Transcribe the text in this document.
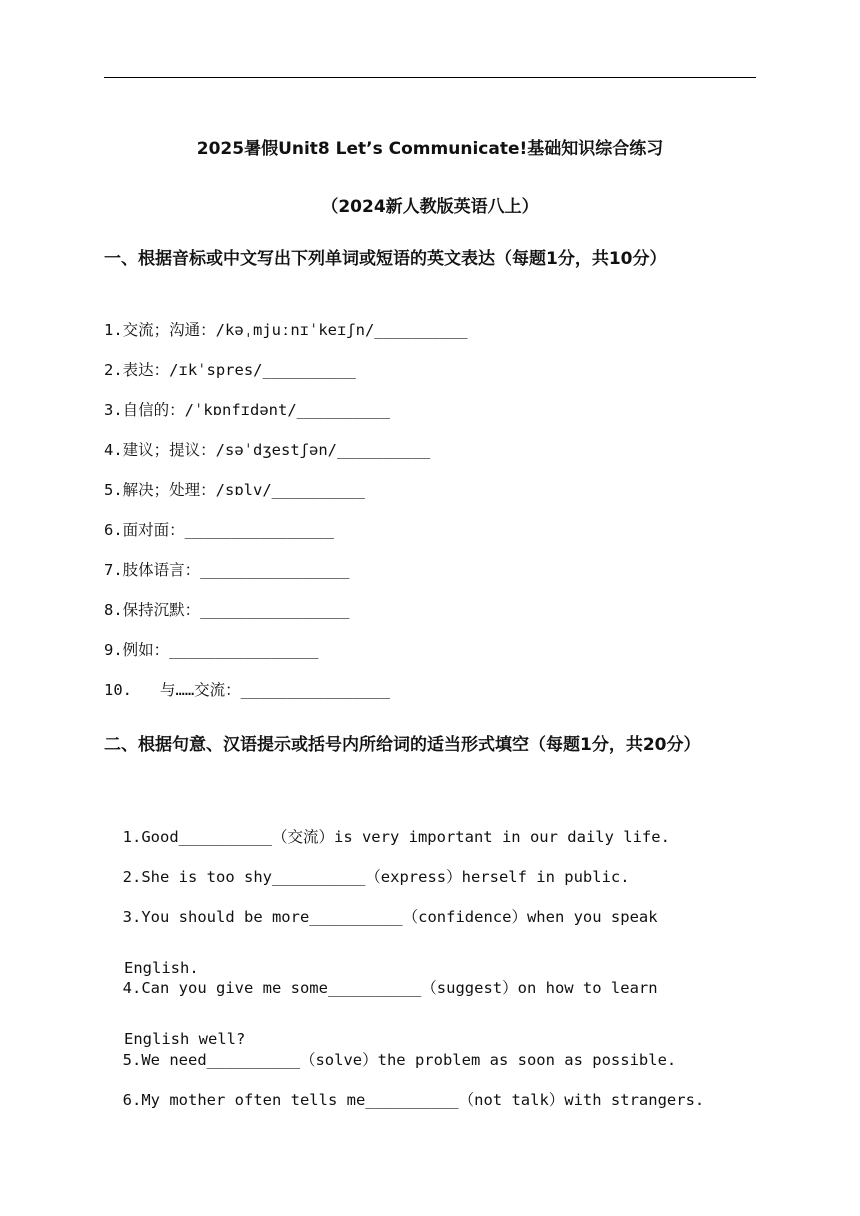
2025暑假Unit8 Let’s Communicate!基础知识综合练习
（2024新人教版英语八上）
一、根据音标或中文写出下列单词或短语的英文表达（每题1分，共10分）
1.交流；沟通：/kəˌmjuːnɪˈkeɪʃn/__________
2.表达：/ɪkˈspres/__________
3.自信的：/ˈkɒnfɪdənt/__________
4.建议；提议：/səˈdʒestʃən/__________
5.解决；处理：/sɒlv/__________
6.面对面：________________
7.肢体语言：________________
8.保持沉默：________________
9.例如：________________
10.   与……交流：________________
二、根据句意、汉语提示或括号内所给词的适当形式填空（每题1分，共20分）

1.Good__________（交流）is very important in our daily life.

2.She is too shy__________（express）herself in public.

3.You should be more__________（confidence）when you speak

English.

4.Can you give me some__________（suggest）on how to learn

English well?

5.We need__________（solve）the problem as soon as possible.

6.My mother often tells me__________（not talk）with strangers.
